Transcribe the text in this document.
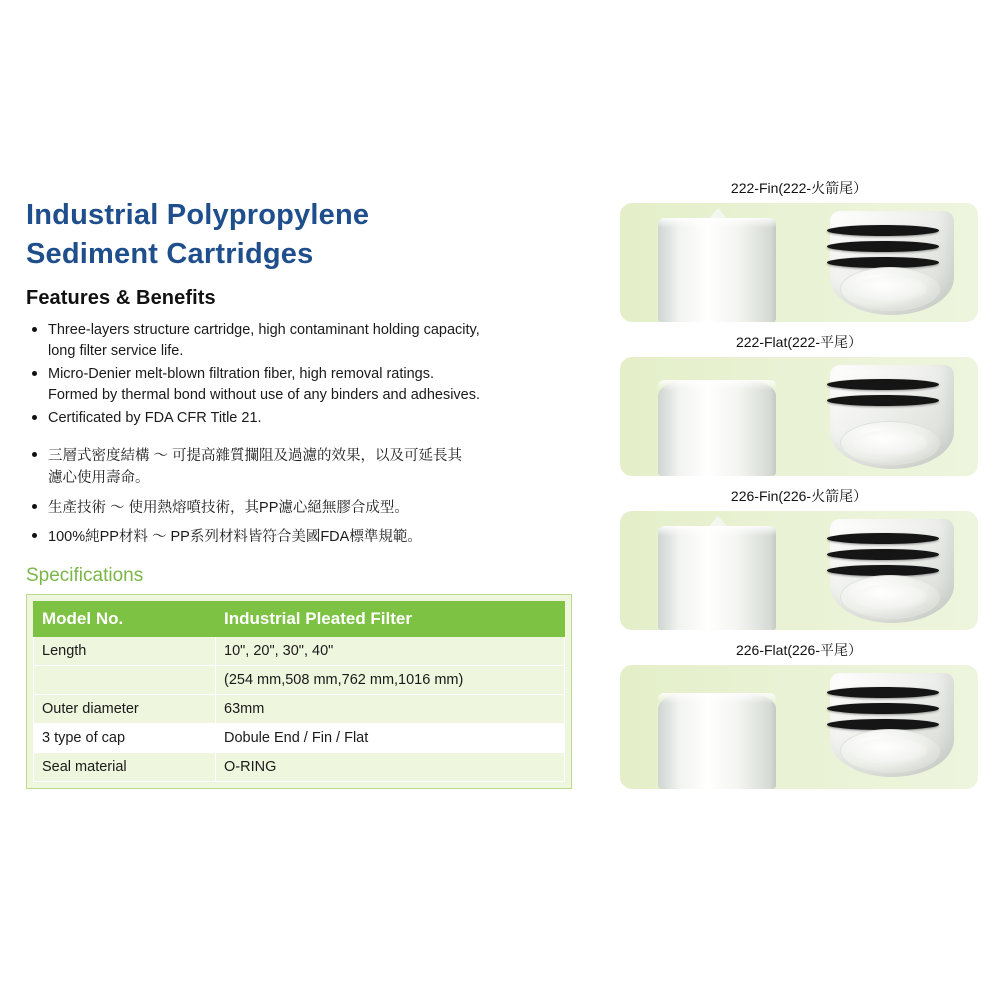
Industrial Polypropylene
Sediment Cartridges
Features & Benefits
Three-layers structure cartridge, high contaminant holding capacity,
long filter service life.
Micro-Denier melt-blown filtration fiber, high removal ratings.
Formed by thermal bond without use of any binders and adhesives.
Certificated by FDA CFR Title 21.
三層式密度結構 ～ 可提高雜質攔阻及過濾的效果，以及可延長其
濾心使用壽命。
生產技術 ～ 使用熱熔噴技術，其PP濾心絕無膠合成型。
100%純PP材料 ～ PP系列材料皆符合美國FDA標準規範。
Specifications
Model No.	Industrial Pleated Filter
Length	10", 20", 30", 40"
	(254 mm,508 mm,762 mm,1016 mm)
Outer diameter	63mm
3 type of cap	Dobule End / Fin / Flat
Seal material	O-RING
222-Fin(222-火箭尾）
222-Flat(222-平尾）
226-Fin(226-火箭尾）
226-Flat(226-平尾）
